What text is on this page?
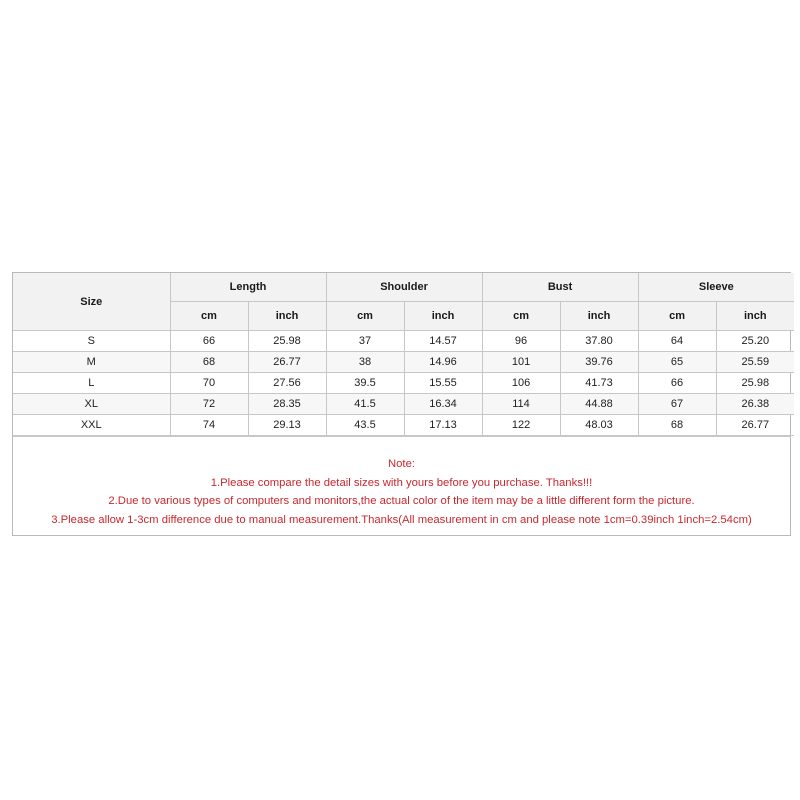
Size	Length		Shoulder		Bust		Sleeve	
	cm	inch	cm	inch	cm	inch	cm	inch
S	66	25.98	37	14.57	96	37.80	64	25.20
M	68	26.77	38	14.96	101	39.76	65	25.59
L	70	27.56	39.5	15.55	106	41.73	66	25.98
XL	72	28.35	41.5	16.34	114	44.88	67	26.38
XXL	74	29.13	43.5	17.13	122	48.03	68	26.77
Note:
1.Please compare the detail sizes with yours before you purchase. Thanks!!!
2.Due to various types of computers and monitors,the actual color of the item may be a little different form the picture.
3.Please allow 1-3cm difference due to manual measurement.Thanks(All measurement in cm and please note 1cm=0.39inch 1inch=2.54cm)
